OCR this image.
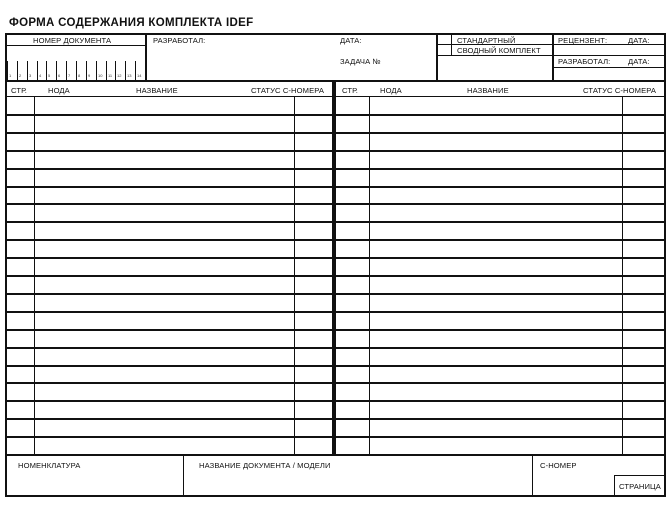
ФОРМА СОДЕРЖАНИЯ КОМПЛЕКТА IDEF
НОМЕР ДОКУМЕНТА
1 2 3 4 5 6 7 8 9 10 11 12 13 14
РАЗРАБОТАЛ:	ДАТА:
ЗАДАЧА №
СТАНДАРТНЫЙ
СВОДНЫЙ КОМПЛЕКТ
РЕЦЕНЗЕНТ:	ДАТА:
РАЗРАБОТАЛ: ДАТА:
СТР.	НОДА	НАЗВАНИЕ	СТАТУС С-НОМЕРА СТР.	НОДА	НАЗВАНИЕ	СТАТУС С-НОМЕРА
НОМЕНКЛАТУРА	НАЗВАНИЕ ДОКУМЕНТА / МОДЕЛИ	С-НОМЕР
СТРАНИЦА
